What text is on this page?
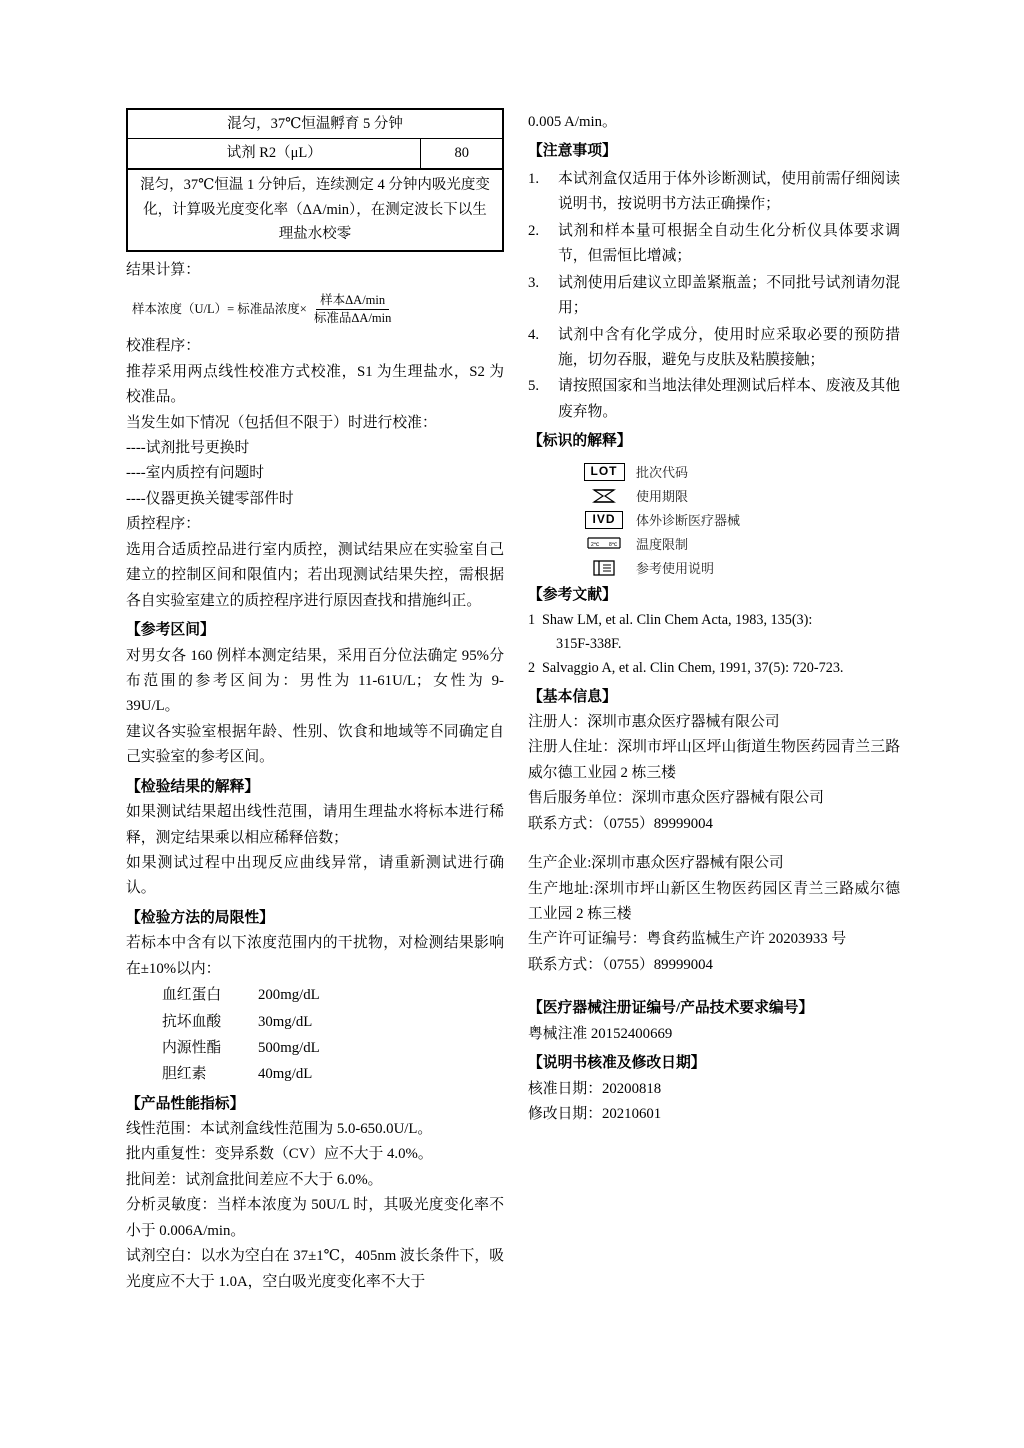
混匀，37℃恒温孵育 5 分钟
试剂 R2（μL）	80
混匀，37℃恒温 1 分钟后，连续测定 4 分钟内吸光度变化，计算吸光度变化率（ΔA/min），在测定波长下以生理盐水校零

结果计算：

样本浓度（U/L）= 标准品浓度× $\frac{\text{样本ΔA/min}}{\text{标准品ΔA/min}}$

校准程序：

推荐采用两点线性校准方式校准，S1 为生理盐水，S2 为校准品。

当发生如下情况（包括但不限于）时进行校准：

----试剂批号更换时

----室内质控有问题时

----仪器更换关键零部件时

质控程序：

选用合适质控品进行室内质控，测试结果应在实验室自己建立的控制区间和限值内；若出现测试结果失控，需根据各自实验室建立的质控程序进行原因查找和措施纠正。

【参考区间】

对男女各 160 例样本测定结果，采用百分位法确定 95%分布范围的参考区间为：男性为 11-61U/L；女性为 9-39U/L。

建议各实验室根据年龄、性别、饮食和地域等不同确定自己实验室的参考区间。

【检验结果的解释】

如果测试结果超出线性范围，请用生理盐水将标本进行稀释，测定结果乘以相应稀释倍数；

如果测试过程中出现反应曲线异常，请重新测试进行确认。

【检验方法的局限性】

若标本中含有以下浓度范围内的干扰物，对检测结果影响在±10%以内：

血红蛋白	200mg/dL
抗坏血酸	30mg/dL
内源性酯	500mg/dL
胆红素	40mg/dL

【产品性能指标】

线性范围：本试剂盒线性范围为 5.0-650.0U/L。

批内重复性：变异系数（CV）应不大于 4.0%。

批间差：试剂盒批间差应不大于 6.0%。

分析灵敏度：当样本浓度为 50U/L 时，其吸光度变化率不小于 0.006A/min。

试剂空白：以水为空白在 37±1℃，405nm 波长条件下，吸光度应不大于 1.0A，空白吸光度变化率不大于

0.005 A/min。

【注意事项】

1.	本试剂盒仅适用于体外诊断测试，使用前需仔细阅读说明书，按说明书方法正确操作；
2.	试剂和样本量可根据全自动生化分析仪具体要求调节，但需恒比增减；
3.	试剂使用后建议立即盖紧瓶盖；不同批号试剂请勿混用；
4.	试剂中含有化学成分，使用时应采取必要的预防措施，切勿吞服，避免与皮肤及粘膜接触；
5.	请按照国家和当地法律处理测试后样本、废液及其他废弃物。

【标识的解释】

LOT	批次代码
使用期限
IVD	体外诊断医疗器械
2℃ 8℃ 温度限制
参考使用说明

【参考文献】

1 Shaw LM, et al. Clin Chem Acta, 1983, 135(3):
315F-338F.
2 Salvaggio A, et al. Clin Chem, 1991, 37(5): 720-723.

【基本信息】

注册人：深圳市惠众医疗器械有限公司

注册人住址：深圳市坪山区坪山街道生物医药园青兰三路威尔德工业园 2 栋三楼

售后服务单位：深圳市惠众医疗器械有限公司

联系方式：（0755）89999004

生产企业:深圳市惠众医疗器械有限公司

生产地址:深圳市坪山新区生物医药园区青兰三路威尔德工业园 2 栋三楼

生产许可证编号：粤食药监械生产许 20203933 号

联系方式：（0755）89999004

【医疗器械注册证编号/产品技术要求编号】

粤械注准 20152400669

【说明书核准及修改日期】

核准日期：20200818

修改日期：20210601
